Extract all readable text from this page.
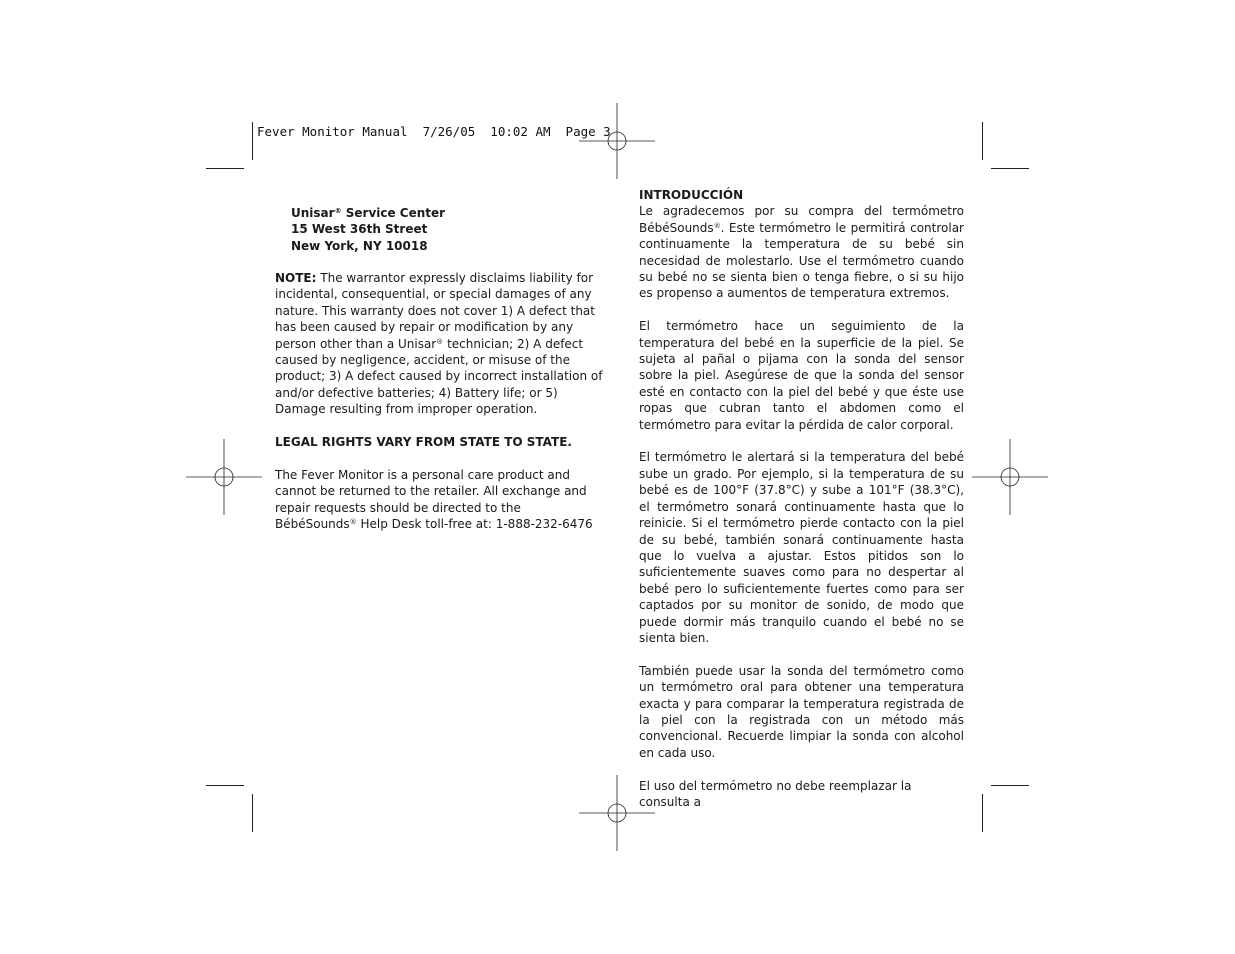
Fever Monitor Manual  7/26/05  10:02 AM  Page 3

Unisar® Service Center

15 West 36th Street

New York, NY 10018

NOTE: The warrantor expressly disclaims liability for incidental, consequential, or special damages of any nature. This warranty does not cover 1) A defect that has been caused by repair or modification by any person other than a Unisar® technician; 2) A defect caused by negligence, accident, or misuse of the product; 3) A defect caused by incorrect installation of and/or defective batteries; 4) Battery life; or 5) Damage resulting from improper operation.

LEGAL RIGHTS VARY FROM STATE TO STATE.

The Fever Monitor is a personal care product and cannot be returned to the retailer. All exchange and repair requests should be directed to the BébéSounds® Help Desk toll-free at: 1-888-232-6476

INTRODUCCIÓN

Le agradecemos por su compra del termómetro BébéSounds®. Este termómetro le permitirá controlar continuamente la temperatura de su bebé sin necesidad de molestarlo. Use el termómetro cuando su bebé no se sienta bien o tenga fiebre, o si su hijo es propenso a aumentos de temperatura extremos.

El termómetro hace un seguimiento de la temperatura del bebé en la superficie de la piel. Se sujeta al pañal o pijama con la sonda del sensor sobre la piel. Asegúrese de que la sonda del sensor esté en contacto con la piel del bebé y que éste use ropas que cubran tanto el abdomen como el termómetro para evitar la pérdida de calor corporal.

El termómetro le alertará si la temperatura del bebé sube un grado. Por ejemplo, si la temperatura de su bebé es de 100°F (37.8°C) y sube a 101°F (38.3°C), el termómetro sonará continuamente hasta que lo reinicie. Si el termómetro pierde contacto con la piel de su bebé, también sonará continuamente hasta que lo vuelva a ajustar. Estos pitidos son lo suficientemente suaves como para no despertar al bebé pero lo suficientemente fuertes como para ser captados por su monitor de sonido, de modo que puede dormir más tranquilo cuando el bebé no se sienta bien.

También puede usar la sonda del termómetro como un termómetro oral para obtener una temperatura exacta y para comparar la temperatura registrada de la piel con la registrada con un método más convencional. Recuerde limpiar la sonda con alcohol en cada uso.

El uso del termómetro no debe reemplazar la consulta a
